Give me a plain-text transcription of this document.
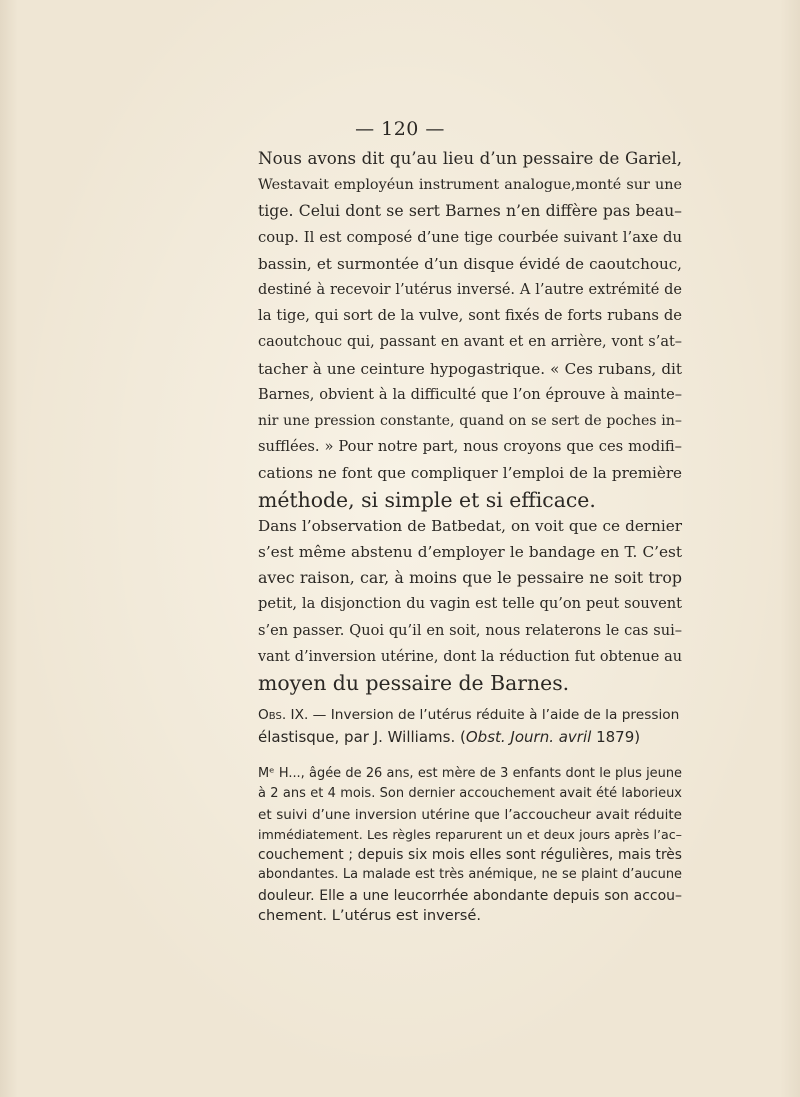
— 120 —

Nous avons dit qu’au lieu d’un pessaire de Gariel,
Westavait employéun instrument analogue,monté sur une
tige. Celui dont se sert Barnes n’en diffère pas beau–
coup. Il est composé d’une tige courbée suivant l’axe du
bassin, et surmontée d’un disque évidé de caoutchouc,
destiné à recevoir l’utérus inversé. A l’autre extrémité de
la tige, qui sort de la vulve, sont fixés de forts rubans de
caoutchouc qui, passant en avant et en arrière, vont s’at–
tacher à une ceinture hypogastrique. « Ces rubans, dit
Barnes, obvient à la difficulté que l’on éprouve à mainte–
nir une pression constante, quand on se sert de poches in–
sufflées. » Pour notre part, nous croyons que ces modifi–
cations ne font que compliquer l’emploi de la première
méthode, si simple et si efficace.

Dans l’observation de Batbedat, on voit que ce dernier
s’est même abstenu d’employer le bandage en T. C’est
avec raison, car, à moins que le pessaire ne soit trop
petit, la disjonction du vagin est telle qu’on peut souvent
s’en passer. Quoi qu’il en soit, nous relaterons le cas sui–
vant d’inversion utérine, dont la réduction fut obtenue au
moyen du pessaire de Barnes.

Obs. IX. — Inversion de l’utérus réduite à l’aide de la pression
élastisque, par J. Williams. (Obst. Journ. avril 1879)
Mᵉ H..., âgée de 26 ans, est mère de 3 enfants dont le plus jeune
à 2 ans et 4 mois. Son dernier accouchement avait été laborieux
et suivi d’une inversion utérine que l’accoucheur avait réduite
immédiatement. Les règles reparurent un et deux jours après l’ac–
couchement ; depuis six mois elles sont régulières, mais très
abondantes. La malade est très anémique, ne se plaint d’aucune
douleur. Elle a une leucorrhée abondante depuis son accou–
chement. L’utérus est inversé.
